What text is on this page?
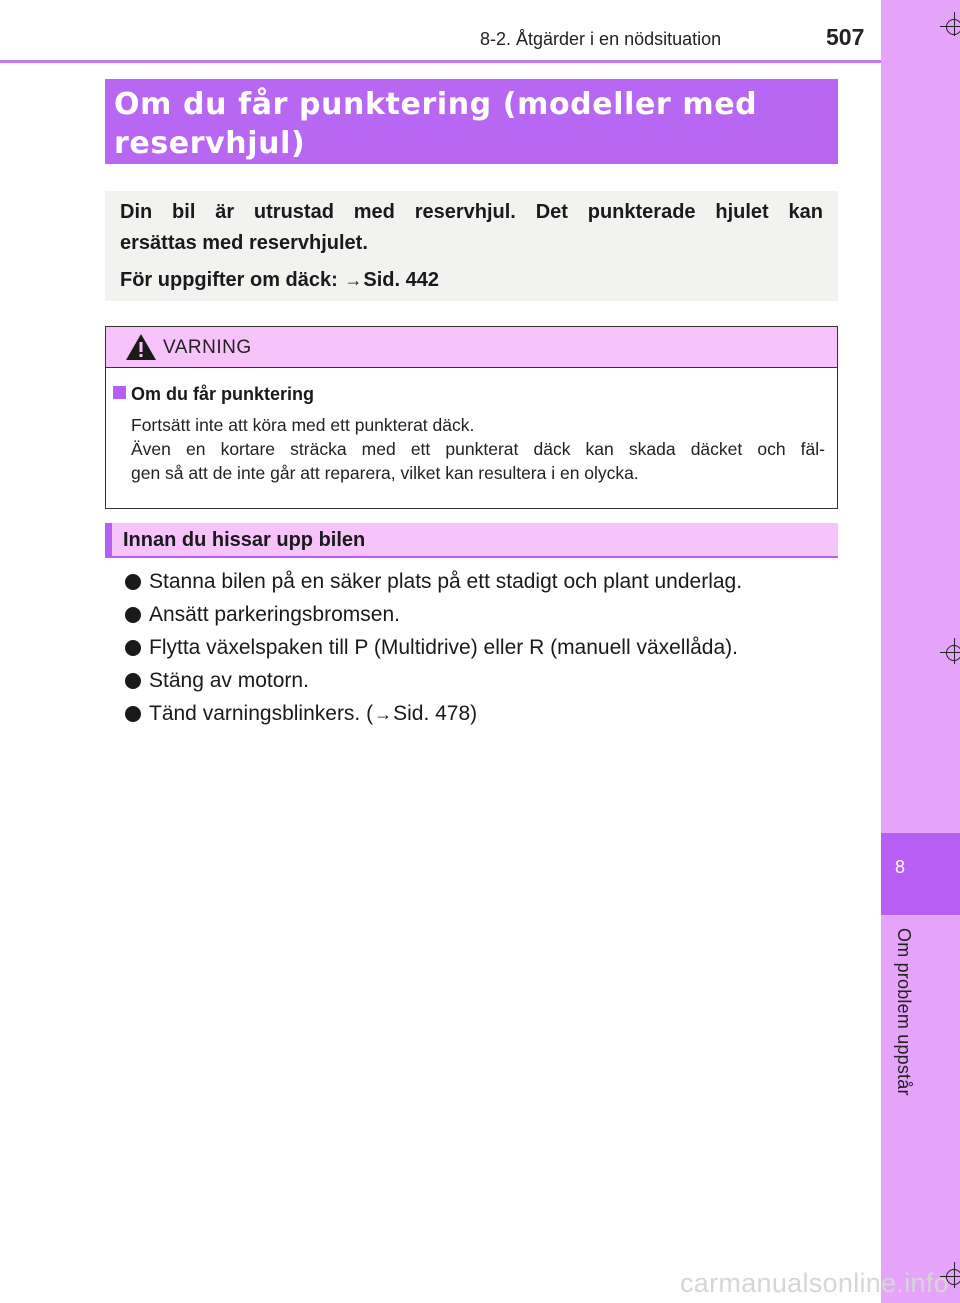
8
Om problem uppstår
8-2. Åtgärder i en nödsituation	507
Om du får punktering (modeller med
reservhjul)
Din bil är utrustad med reservhjul. Det punkterade hjulet kan
ersättas med reservhjulet.
För uppgifter om däck: →Sid. 442
VARNING
Om du får punktering
Fortsätt inte att köra med ett punkterat däck.
Även en kortare sträcka med ett punkterat däck kan skada däcket och fäl-
gen så att de inte går att reparera, vilket kan resultera i en olycka.
Innan du hissar upp bilen
Stanna bilen på en säker plats på ett stadigt och plant underlag.
Ansätt parkeringsbromsen.
Flytta växelspaken till P (Multidrive) eller R (manuell växellåda).
Stäng av motorn.
Tänd varningsblinkers. (→Sid. 478)
carmanualsonline.info
